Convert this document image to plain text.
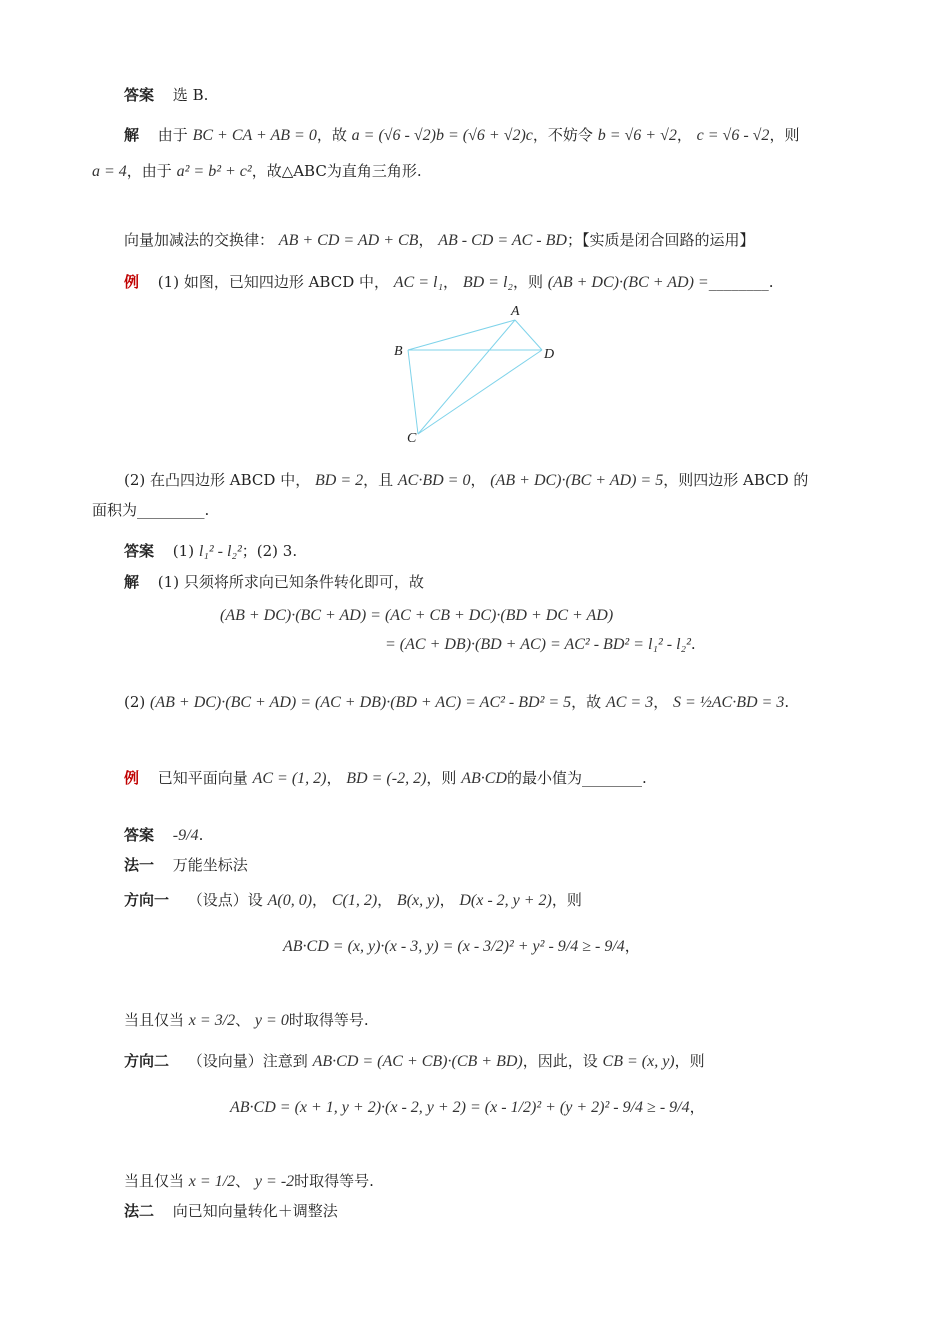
答案 选 B.
解 由于 BC + CA + AB = 0，故 a = (√6 - √2)b = (√6 + √2)c，不妨令 b = √6 + √2， c = √6 - √2，则
a = 4，由于 a² = b² + c²，故△ABC为直角三角形.
向量加减法的交换律： AB + CD = AD + CB， AB - CD = AC - BD；【实质是闭合回路的运用】
例 (1) 如图，已知四边形 ABCD 中， AC = l₁， BD = l₂，则 (AB + DC)·(BC + AD) =________.
A
B	D
C
(2) 在凸四边形 ABCD 中， BD = 2，且 AC·BD = 0， (AB + DC)·(BC + AD) = 5，则四边形 ABCD 的
面积为_________.
答案 (1) l₁² - l₂²；(2) 3.
解 (1) 只须将所求向已知条件转化即可，故
(AB + DC)·(BC + AD) = (AC + CB + DC)·(BD + DC + AD)
= (AC + DB)·(BD + AC) = AC² - BD² = l₁² - l₂².
(2) (AB + DC)·(BC + AD) = (AC + DB)·(BD + AC) = AC² - BD² = 5，故 AC = 3， S = ½AC·BD = 3.
例 已知平面向量 AC = (1, 2)， BD = (-2, 2)，则 AB·CD的最小值为________.
答案 -9/4.
法一 万能坐标法
方向一 （设点）设 A(0, 0)， C(1, 2)， B(x, y)， D(x - 2, y + 2)，则
AB·CD = (x, y)·(x - 3, y) = (x - 3/2)² + y² - 9/4 ≥ - 9/4，
当且仅当 x = 3/2、 y = 0时取得等号.
方向二 （设向量）注意到 AB·CD = (AC + CB)·(CB + BD)，因此，设 CB = (x, y)，则
AB·CD = (x + 1, y + 2)·(x - 2, y + 2) = (x - 1/2)² + (y + 2)² - 9/4 ≥ - 9/4，
当且仅当 x = 1/2、 y = -2时取得等号.
法二 向已知向量转化＋调整法
